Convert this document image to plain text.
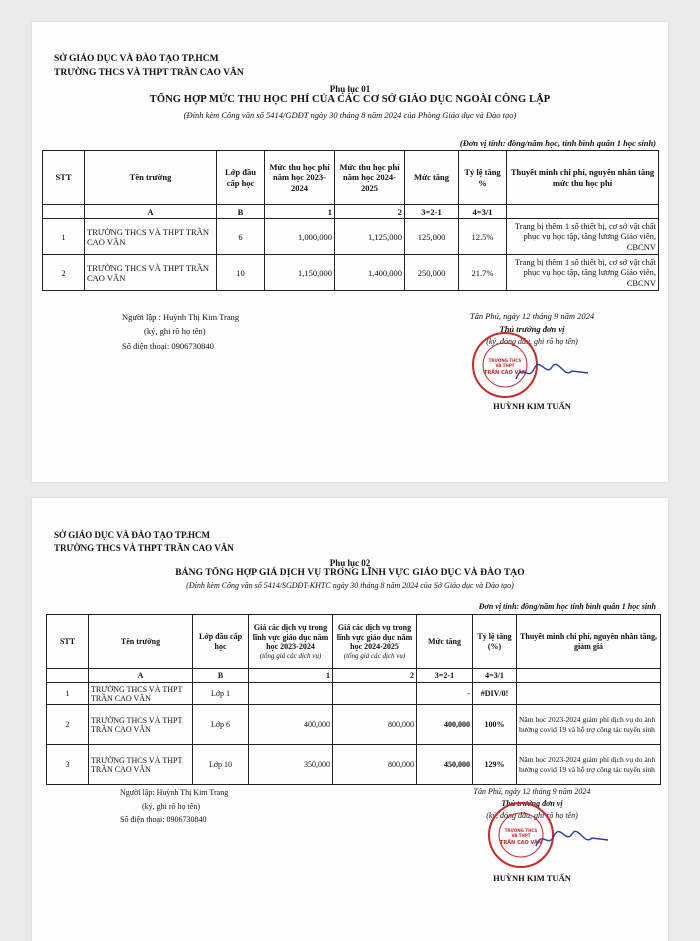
SỞ GIÁO DỤC VÀ ĐÀO TẠO TP.HCM
TRƯỜNG THCS VÀ THPT TRẦN CAO VÂN
Phụ lục 01
TỔNG HỢP MỨC THU HỌC PHÍ CỦA CÁC CƠ SỞ GIÁO DỤC NGOÀI CÔNG LẬP
(Đính kèm Công văn số 5414/GDĐT ngày 30 tháng 8 năm 2024 của Phòng Giáo dục và Đào tạo)
(Đơn vị tính: đồng/năm học, tính bình quân 1 học sinh)
STT	Tên trường	Lớp đầu cấp học	Mức thu học phí năm học 2023-2024	Mức thu học phí năm học 2024-2025	Mức tăng	Tỷ lệ tăng %	Thuyết minh chi phí, nguyên nhân tăng mức thu học phí
	A	B	1	2	3=2-1	4=3/1	
1	TRƯỜNG THCS VÀ THPT TRẦN CAO VÂN	6	1,000,000	1,125,000	125,000	12.5%	Trang bị thêm 1 số thiết bị, cơ sở vật chất phục vụ học tập, tăng lương Giáo viên, CBCNV
2	TRƯỜNG THCS VÀ THPT TRẦN CAO VÂN	10	1,150,000	1,400,000	250,000	21.7%	Trang bị thêm 1 số thiết bị, cơ sở vật chất phục vụ học tập, tăng lương Giáo viên, CBCNV
Người lập : Huỳnh Thị Kim Trang
(ký, ghi rõ họ tên)
Số điện thoại: 0906730840
Tân Phú, ngày 12 tháng 9 năm 2024
Thủ trưởng đơn vị
(ký, đóng dấu, ghi rõ họ tên)
HUỲNH KIM TUẤN
TRƯỜNG THCS
VÀ THPT
TRẦN CAO VÂN
SỞ GIÁO DỤC VÀ ĐÀO TẠO TP.HCM
TRƯỜNG THCS VÀ THPT TRẦN CAO VÂN
Phụ lục 02
BẢNG TỔNG HỢP GIÁ DỊCH VỤ TRONG LĨNH VỰC GIÁO DỤC VÀ ĐÀO TẠO
(Đính kèm Công văn số 5414/SGDĐT-KHTC ngày 30 tháng 8 năm 2024 của Sở Giáo dục và Đào tạo)
Đơn vị tính: đồng/năm học tính bình quân 1 học sinh
STT	Tên trường	Lớp đầu cấp học	Giá các dịch vụ trong lĩnh vực giáo dục năm học 2023-2024
(tổng giá các dịch vụ)	Giá các dịch vụ trong lĩnh vực giáo dục năm học 2024-2025
(tổng giá các dịch vụ)	Mức tăng	Tỷ lệ tăng (%)	Thuyết minh chi phí, nguyên nhân tăng, giảm giá
	A	B	1	2	3=2-1	4=3/1	
1	TRƯỜNG THCS VÀ THPT TRẦN CAO VÂN	Lớp 1			-	#DIV/0!	
2	TRƯỜNG THCS VÀ THPT TRẦN CAO VÂN	Lớp 6	400,000	800,000	400,000	100%	Năm học 2023-2024 giảm phí dịch vụ do ảnh hưởng covid 19 và hỗ trợ công tác tuyển sinh
3	TRƯỜNG THCS VÀ THPT TRẦN CAO VÂN	Lớp 10	350,000	800,000	450,000	129%	Năm học 2023-2024 giảm phí dịch vụ do ảnh hưởng covid 19 và hỗ trợ công tác tuyển sinh
Người lập: Huỳnh Thị Kim Trang
(ký, ghi rõ họ tên)
Số điện thoại: 0906730840
Tân Phú, ngày 12 tháng 9 năm 2024
Thủ trưởng đơn vị
(ký, đóng dấu, ghi rõ họ tên)
HUỲNH KIM TUẤN
TRƯỜNG THCS
VÀ THPT
TRẦN CAO VÂN
